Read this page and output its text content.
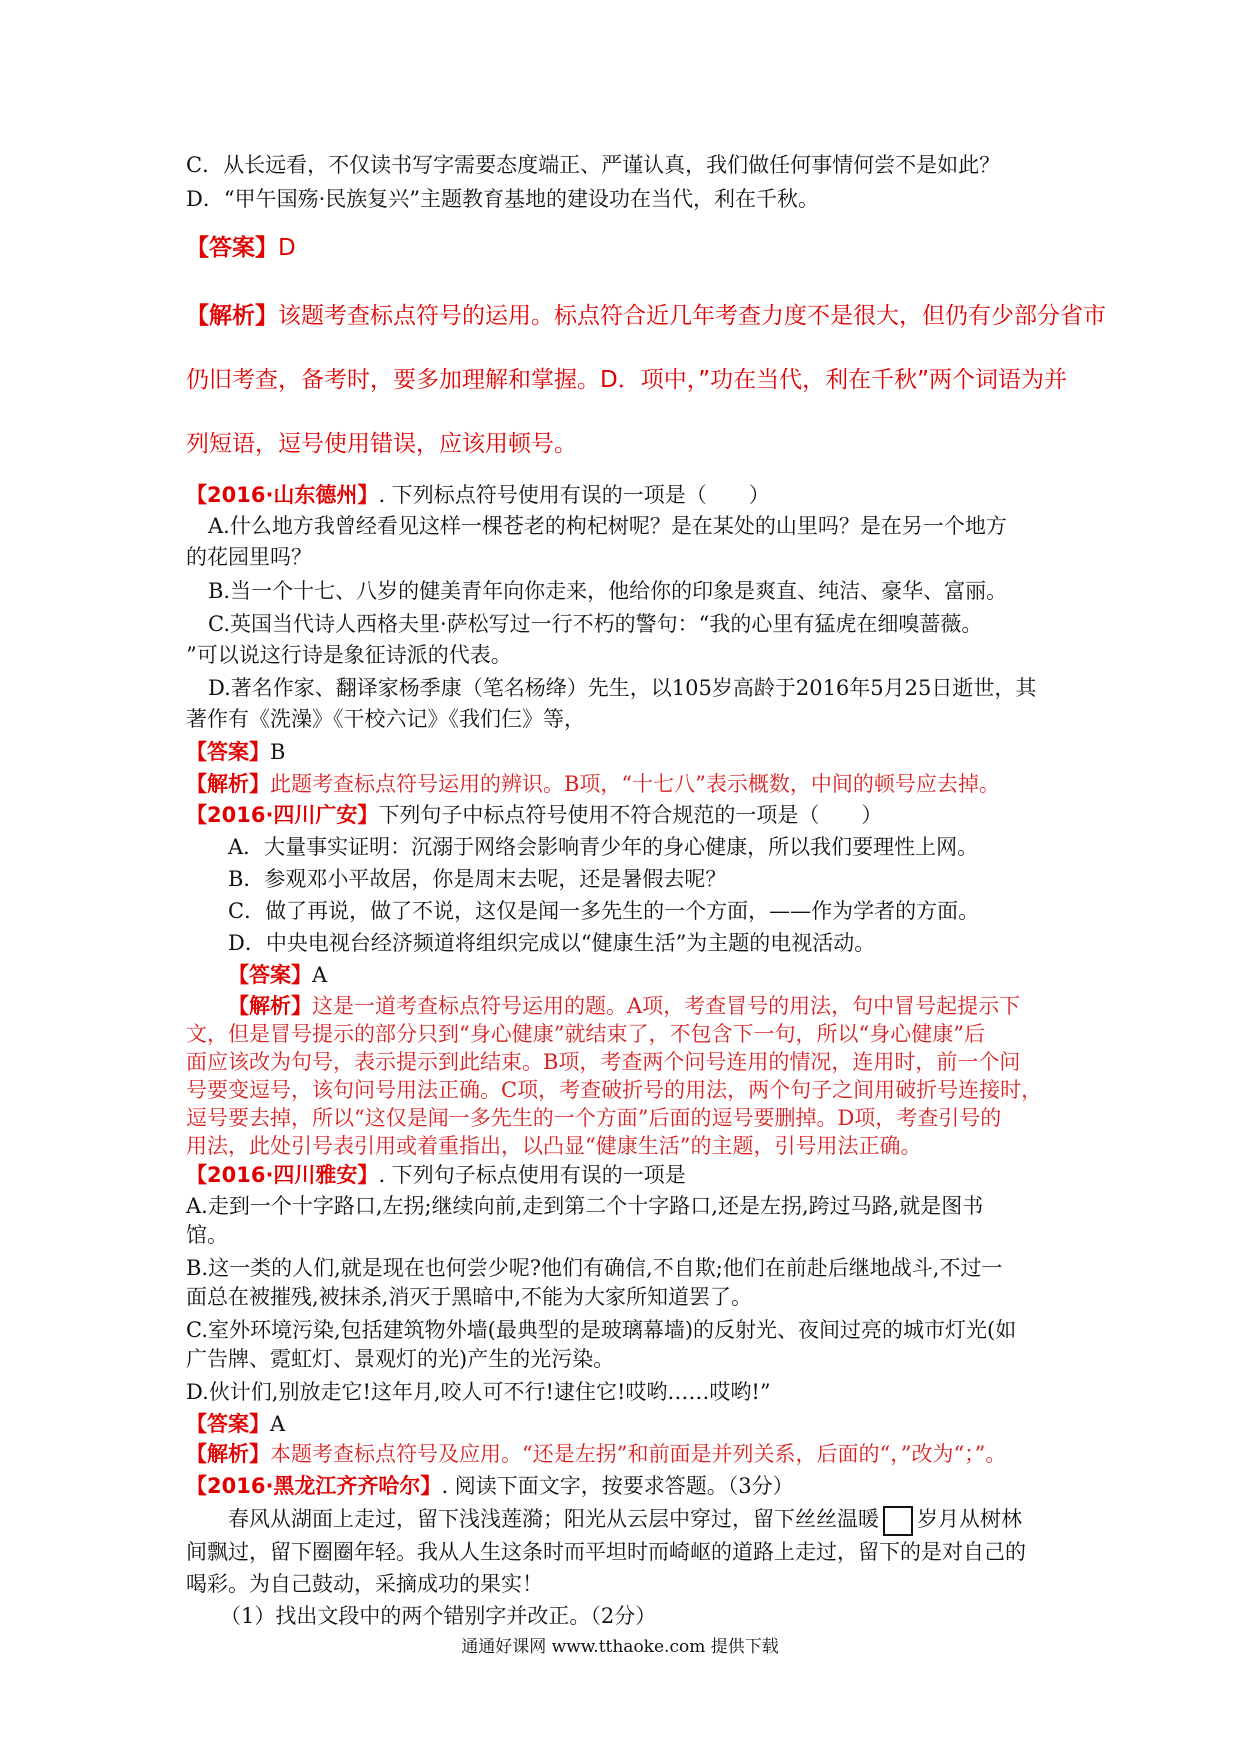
C．从长远看，不仅读书写字需要态度端正、严谨认真，我们做任何事情何尝不是如此？
D．“甲午国殇·民族复兴”主题教育基地的建设功在当代，利在千秋。
【答案】D
【解析】该题考查标点符号的运用。标点符合近几年考查力度不是很大，但仍有少部分省市
仍旧考查，备考时，要多加理解和掌握。D．项中，”功在当代，利在千秋”两个词语为并
列短语，逗号使用错误，应该用顿号。
【2016·山东德州】. 下列标点符号使用有误的一项是（　　）
A.什么地方我曾经看见这样一棵苍老的枸杞树呢？是在某处的山里吗？是在另一个地方
的花园里吗？
B.当一个十七、八岁的健美青年向你走来，他给你的印象是爽直、纯洁、豪华、富丽。
C.英国当代诗人西格夫里·萨松写过一行不朽的警句：“我的心里有猛虎在细嗅蔷薇。
”可以说这行诗是象征诗派的代表。
D.著名作家、翻译家杨季康（笔名杨绛）先生，以105岁高龄于2016年5月25日逝世，其
著作有《洗澡》《干校六记》《我们仨》等，
【答案】B
【解析】此题考查标点符号运用的辨识。B项，“十七八”表示概数，中间的顿号应去掉。
【2016·四川广安】下列句子中标点符号使用不符合规范的一项是（　　）
A．大量事实证明：沉溺于网络会影响青少年的身心健康，所以我们要理性上网。
B．参观邓小平故居，你是周末去呢，还是暑假去呢？
C．做了再说，做了不说，这仅是闻一多先生的一个方面，——作为学者的方面。
D．中央电视台经济频道将组织完成以“健康生活”为主题的电视活动。
【答案】A
【解析】这是一道考查标点符号运用的题。A项，考查冒号的用法，句中冒号起提示下
文，但是冒号提示的部分只到“身心健康”就结束了，不包含下一句，所以“身心健康”后
面应该改为句号，表示提示到此结束。B项，考查两个问号连用的情况，连用时，前一个问
号要变逗号，该句问号用法正确。C项，考查破折号的用法，两个句子之间用破折号连接时，
逗号要去掉，所以“这仅是闻一多先生的一个方面”后面的逗号要删掉。D项，考查引号的
用法，此处引号表引用或着重指出，以凸显“健康生活”的主题，引号用法正确。
【2016·四川雅安】. 下列句子标点使用有误的一项是
A.走到一个十字路口,左拐;继续向前,走到第二个十字路口,还是左拐,跨过马路,就是图书
馆。
B.这一类的人们,就是现在也何尝少呢?他们有确信,不自欺;他们在前赴后继地战斗,不过一
面总在被摧残,被抹杀,消灭于黑暗中,不能为大家所知道罢了。
C.室外环境污染,包括建筑物外墙(最典型的是玻璃幕墙)的反射光、夜间过亮的城市灯光(如
广告牌、霓虹灯、景观灯的光)产生的光污染。
D.伙计们,别放走它!这年月,咬人可不行!逮住它!哎哟……哎哟!”
【答案】A
【解析】本题考查标点符号及应用。“还是左拐”和前面是并列关系，后面的“，”改为“；”。
【2016·黑龙江齐齐哈尔】. 阅读下面文字，按要求答题。（3分）
春风从湖面上走过，留下浅浅莲漪；阳光从云层中穿过，留下丝丝温暖 岁月从树林
间飘过，留下圈圈年轻。我从人生这条时而平坦时而崎岖的道路上走过，留下的是对自己的
喝彩。为自己鼓动，采摘成功的果实！
（1）找出文段中的两个错别字并改正。（2分）
通通好课网 www.tthaoke.com 提供下载
